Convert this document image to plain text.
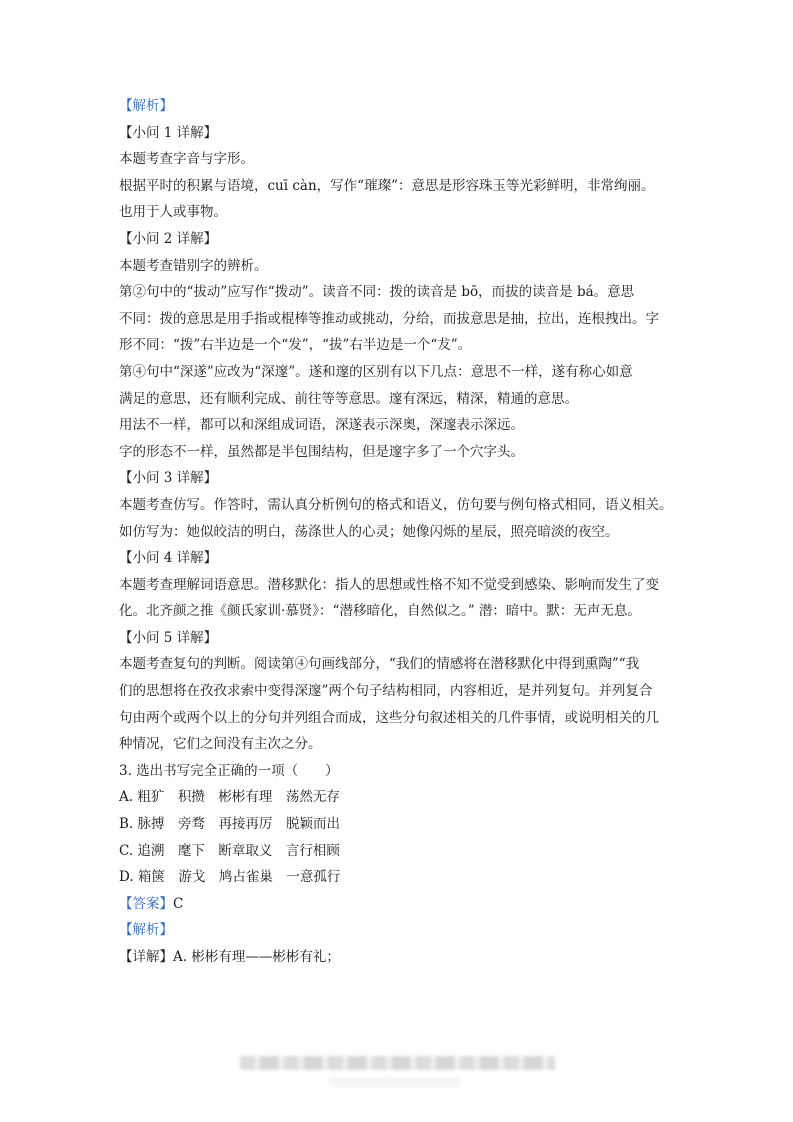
【解析】
【小问 1 详解】
本题考查字音与字形。
根据平时的积累与语境，cuī càn，写作“璀璨”：意思是形容珠玉等光彩鲜明，非常绚丽。
也用于人或事物。
【小问 2 详解】
本题考查错别字的辨析。
第②句中的“拔动”应写作“拨动”。读音不同：拨的读音是 bō，而拔的读音是 bá。意思
不同：拨的意思是用手指或棍棒等推动或挑动，分给，而拔意思是抽，拉出，连根拽出。字
形不同：“拨”右半边是一个“发”，“拔”右半边是一个“犮”。
第④句中“深遂”应改为“深邃”。遂和邃的区别有以下几点：意思不一样，遂有称心如意
满足的意思，还有顺利完成、前往等等意思。邃有深远，精深，精通的意思。
用法不一样，都可以和深组成词语，深遂表示深奥，深邃表示深远。
字的形态不一样，虽然都是半包围结构，但是邃字多了一个穴字头。
【小问 3 详解】
本题考查仿写。作答时，需认真分析例句的格式和语义，仿句要与例句格式相同，语义相关。
如仿写为：她似皎洁的明白，荡涤世人的心灵；她像闪烁的星辰，照亮暗淡的夜空。
【小问 4 详解】
本题考查理解词语意思。潜移默化：指人的思想或性格不知不觉受到感染、影响而发生了变
化。北齐颜之推《颜氏家训·慕贤》：“潜移暗化，自然似之。” 潜：暗中。默：无声无息。
【小问 5 详解】
本题考查复句的判断。阅读第④句画线部分，“我们的情感将在潜移默化中得到熏陶”“我
们的思想将在孜孜求索中变得深邃”两个句子结构相同，内容相近，是并列复句。并列复合
句由两个或两个以上的分句并列组合而成，这些分句叙述相关的几件事情，或说明相关的几
种情况，它们之间没有主次之分。
3. 选出书写完全正确的一项（　　）
A. 粗犷　积攒　彬彬有理　荡然无存
B. 脉搏　旁骛　再接再厉　脱颖而出
C. 追溯　麾下　断章取义　言行相顾
D. 箱箧　游戈　鸠占雀巢　一意孤行
【答案】C
【解析】
【详解】A. 彬彬有理——彬彬有礼；
